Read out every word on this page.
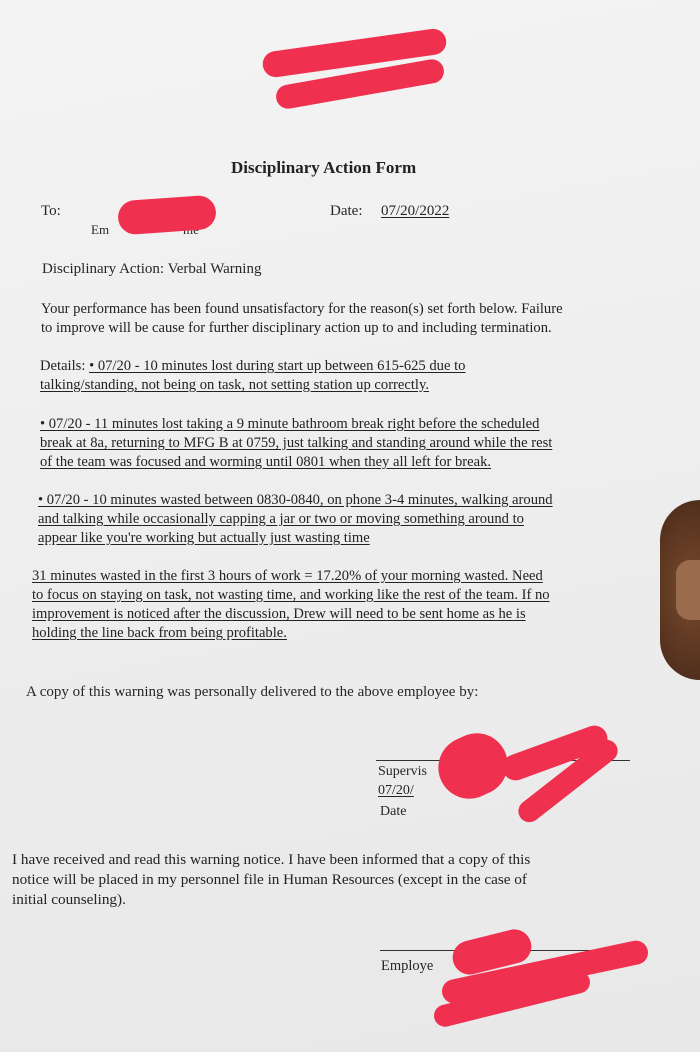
Disciplinary Action Form
To:
Em
Date: 07/20/2022
Disciplinary Action: Verbal Warning
Your performance has been found unsatisfactory for the reason(s) set forth below. Failure
to improve will be cause for further disciplinary action up to and including termination.
Details: • 07/20 - 10 minutes lost during start up between 615-625 due to
talking/standing, not being on task, not setting station up correctly.
• 07/20 - 11 minutes lost taking a 9 minute bathroom break right before the scheduled
break at 8a, returning to MFG B at 0759, just talking and standing around while the rest
of the team was focused and worming until 0801 when they all left for break.
• 07/20 - 10 minutes wasted between 0830-0840, on phone 3-4 minutes, walking around
and talking while occasionally capping a jar or two or moving something around to
appear like you're working but actually just wasting time
31 minutes wasted in the first 3 hours of work = 17.20% of your morning wasted. Need
to focus on staying on task, not wasting time, and working like the rest of the team. If no
improvement is noticed after the discussion, Drew will need to be sent home as he is
holding the line back from being profitable.
A copy of this warning was personally delivered to the above employee by:
Supervis
07/20/
Date
I have received and read this warning notice. I have been informed that a copy of this
notice will be placed in my personnel file in Human Resources (except in the case of
initial counseling).
Employe
